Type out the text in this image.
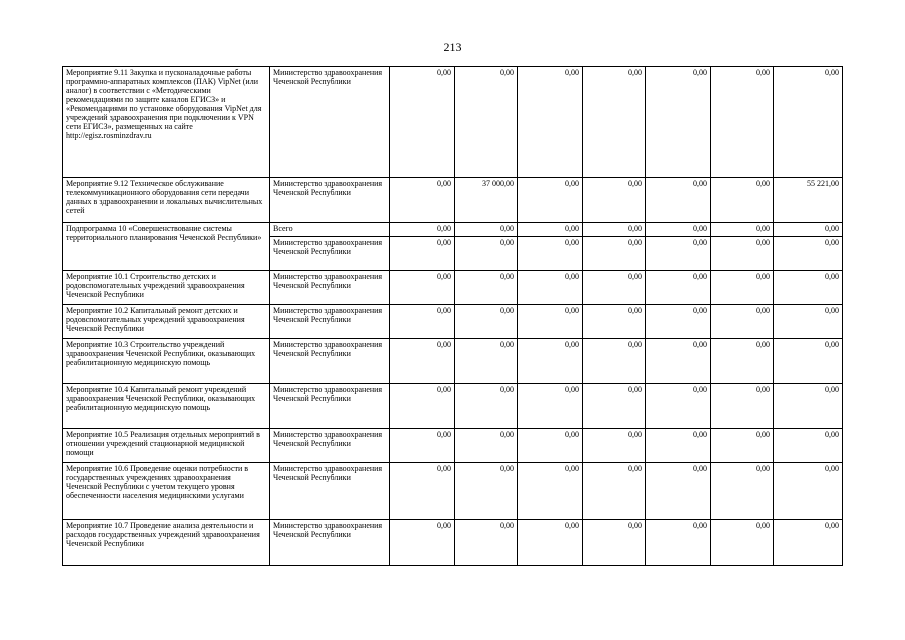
213
Мероприятие 9.11 Закупка и пусконаладочные работы программно-аппаратных комплексов (ПАК) VipNet (или аналог) в соответствии с «Методическими рекомендациями по защите каналов ЕГИСЗ» и «Рекомендациями по установке оборудования VipNet для учреждений здравоохранения при подключении к VPN сети ЕГИСЗ», размещенных на сайте http://egisz.rosminzdrav.ru	Министерство здравоохранения Чеченской Республики	0,00	0,00	0,00	0,00	0,00	0,00	0,00
Мероприятие 9.12 Техническое обслуживание телекоммуникационного оборудования сети передачи данных в здравоохранении и локальных вычислительных сетей	Министерство здравоохранения Чеченской Республики	0,00	37 000,00	0,00	0,00	0,00	0,00	55 221,00
Подпрограмма 10 «Совершенствование системы территориального планирования Чеченской Республики»	Всего	0,00	0,00	0,00	0,00	0,00	0,00	0,00
	Министерство здравоохранения Чеченской Республики	0,00	0,00	0,00	0,00	0,00	0,00	0,00
Мероприятие 10.1 Строительство детских и родовспомогательных учреждений здравоохранения Чеченской Республики	Министерство здравоохранения Чеченской Республики	0,00	0,00	0,00	0,00	0,00	0,00	0,00
Мероприятие 10.2 Капитальный ремонт детских и родовспомогательных учреждений здравоохранения Чеченской Республики	Министерство здравоохранения Чеченской Республики	0,00	0,00	0,00	0,00	0,00	0,00	0,00
Мероприятие 10.3 Строительство учреждений здравоохранения Чеченской Республики, оказывающих реабилитационную медицинскую помощь	Министерство здравоохранения Чеченской Республики	0,00	0,00	0,00	0,00	0,00	0,00	0,00
Мероприятие 10.4 Капитальный ремонт учреждений здравоохранения Чеченской Республики, оказывающих реабилитационную медицинскую помощь	Министерство здравоохранения Чеченской Республики	0,00	0,00	0,00	0,00	0,00	0,00	0,00
Мероприятие 10.5 Реализация отдельных мероприятий в отношении учреждений стационарной медицинской помощи	Министерство здравоохранения Чеченской Республики	0,00	0,00	0,00	0,00	0,00	0,00	0,00
Мероприятие 10.6 Проведение оценки потребности в государственных учреждениях здравоохранения Чеченской Республики с учетом текущего уровня обеспеченности населения медицинскими услугами	Министерство здравоохранения Чеченской Республики	0,00	0,00	0,00	0,00	0,00	0,00	0,00
Мероприятие 10.7 Проведение анализа деятельности и расходов государственных учреждений здравоохранения Чеченской Республики	Министерство здравоохранения Чеченской Республики	0,00	0,00	0,00	0,00	0,00	0,00	0,00
